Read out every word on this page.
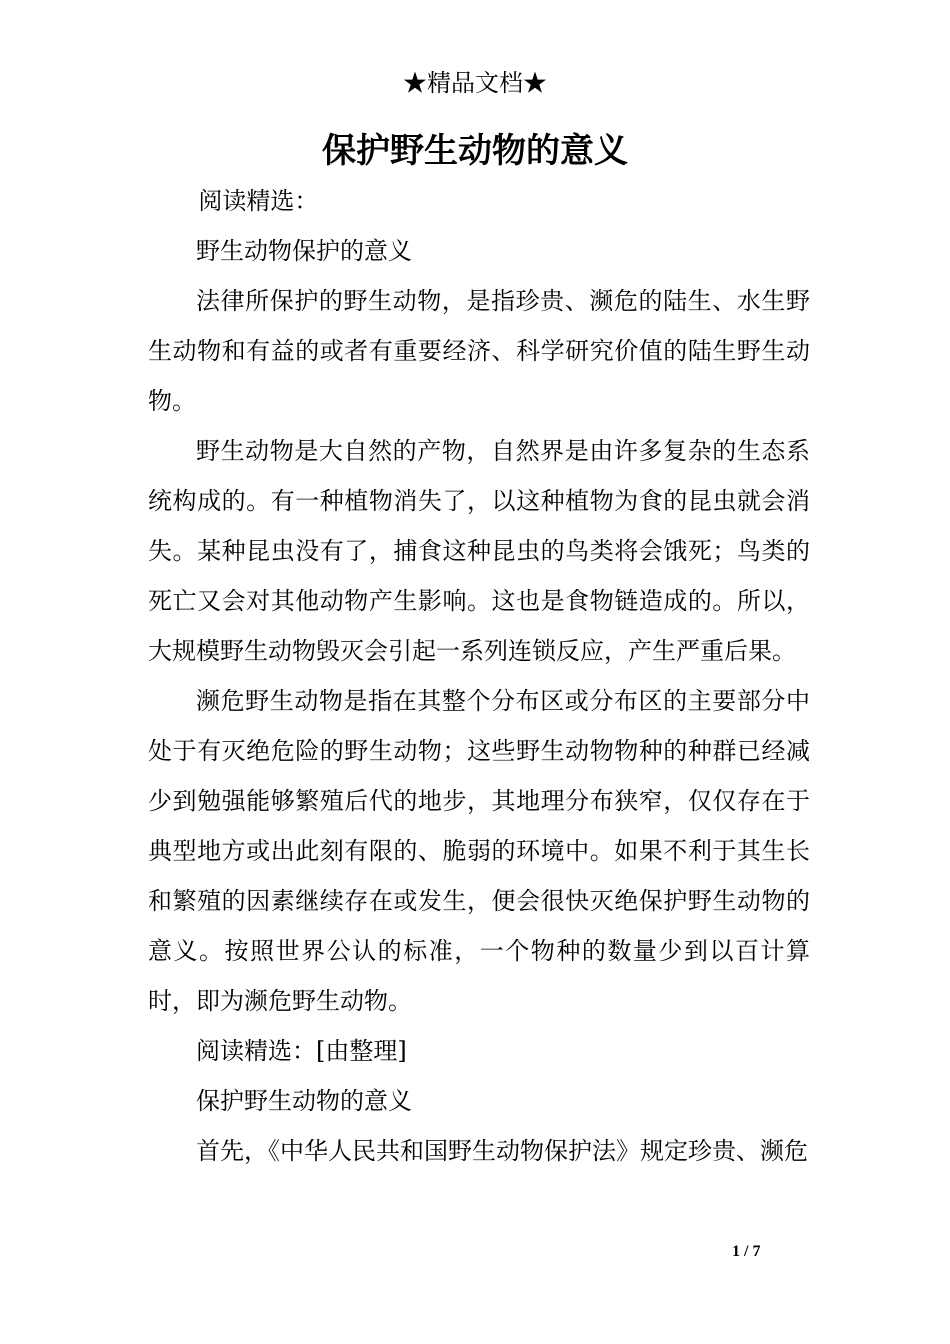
★精品文档★
保护野生动物的意义

阅读精选：

野生动物保护的意义

法律所保护的野生动物，是指珍贵、濒危的陆生、水生野生动物和有益的或者有重要经济、科学研究价值的陆生野生动物。

野生动物是大自然的产物，自然界是由许多复杂的生态系统构成的。有一种植物消失了，以这种植物为食的昆虫就会消失。某种昆虫没有了，捕食这种昆虫的鸟类将会饿死；鸟类的死亡又会对其他动物产生影响。这也是食物链造成的。所以，大规模野生动物毁灭会引起一系列连锁反应，产生严重后果。

濒危野生动物是指在其整个分布区或分布区的主要部分中处于有灭绝危险的野生动物；这些野生动物物种的种群已经减少到勉强能够繁殖后代的地步，其地理分布狭窄，仅仅存在于典型地方或出此刻有限的、脆弱的环境中。如果不利于其生长和繁殖的因素继续存在或发生，便会很快灭绝保护野生动物的意义。按照世界公认的标准，一个物种的数量少到以百计算时，即为濒危野生动物。

阅读精选：[由整理]

保护野生动物的意义

首先，《中华人民共和国野生动物保护法》规定珍贵、濒危

1 / 7
